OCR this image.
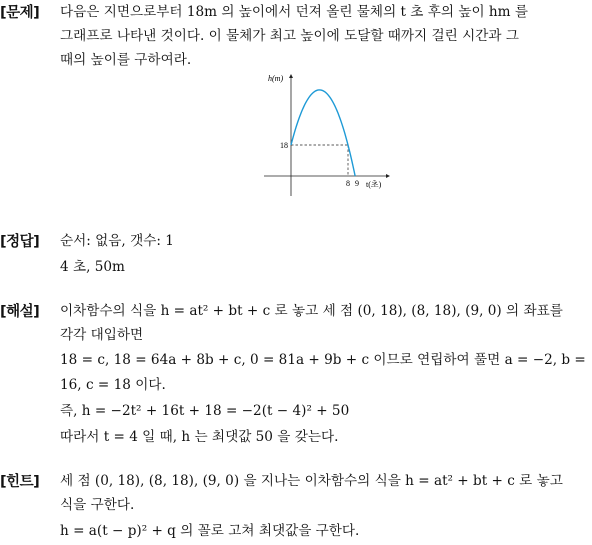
[문제] 다음은 지면으로부터 18m 의 높이에서 던져 올린 물체의 t 초 후의 높이 hm 를
그래프로 나타낸 것이다. 이 물체가 최고 높이에 도달할 때까지 걸린 시간과 그
때의 높이를 구하여라.
h(m)
t(초)
18
8 9
[정답] 순서: 없음, 갯수: 1
4 초, 50m
[해설] 이차함수의 식을 h = at² + bt + c 로 놓고 세 점 (0, 18), (8, 18), (9, 0) 의 좌표를
각각 대입하면
18 = c, 18 = 64a + 8b + c, 0 = 81a + 9b + c 이므로 연립하여 풀면 a = −2, b =
16, c = 18 이다.
즉, h = −2t² + 16t + 18 = −2(t − 4)² + 50
따라서 t = 4 일 때, h 는 최댓값 50 을 갖는다.
[힌트] 세 점 (0, 18), (8, 18), (9, 0) 을 지나는 이차함수의 식을 h = at² + bt + c 로 놓고
식을 구한다.
h = a(t − p)² + q 의 꼴로 고쳐 최댓값을 구한다.
